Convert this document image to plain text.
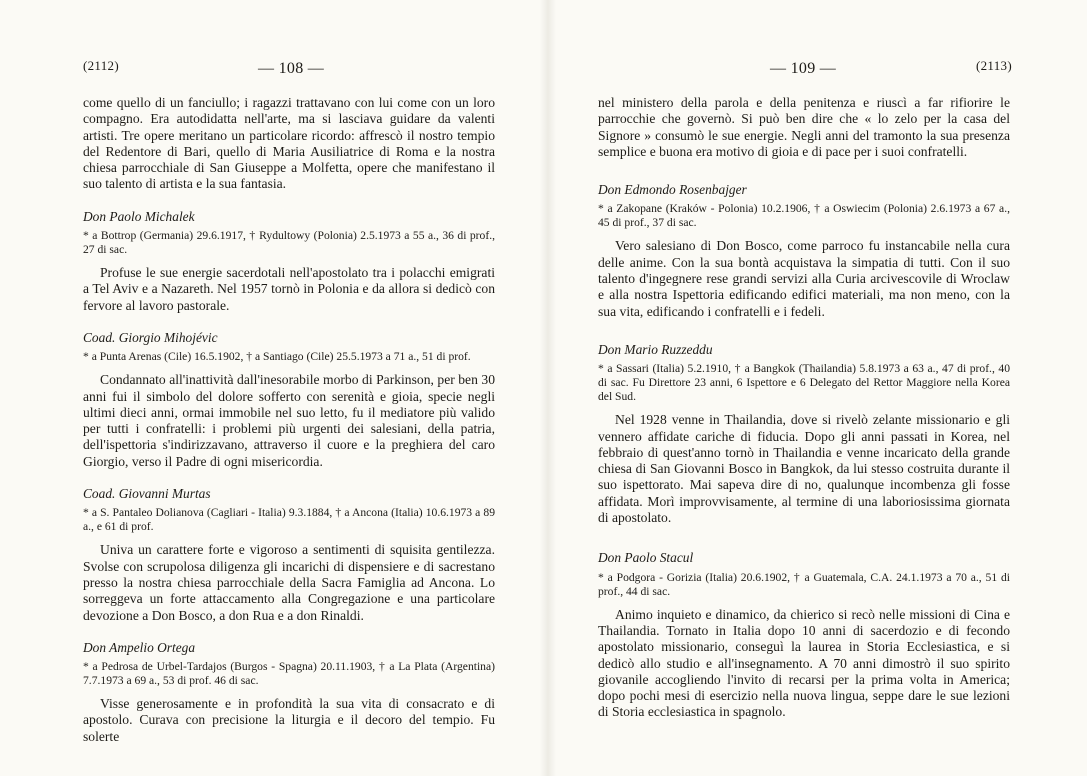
(2112)	— 108 —

come quello di un fanciullo; i ragazzi trattavano con lui come con un loro compagno. Era autodidatta nell'arte, ma si lasciava guidare da valenti artisti. Tre opere meritano un particolare ricordo: affrescò il nostro tempio del Redentore di Bari, quello di Maria Ausiliatrice di Roma e la nostra chiesa parrocchiale di San Giuseppe a Molfetta, opere che manifestano il suo talento di artista e la sua fantasia.

Don Paolo Michalek

* a Bottrop (Germania) 29.6.1917, † Rydultowy (Polonia) 2.5.1973 a 55 a., 36 di prof., 27 di sac.

Profuse le sue energie sacerdotali nell'apostolato tra i polacchi emigrati a Tel Aviv e a Nazareth. Nel 1957 tornò in Polonia e da allora si dedicò con fervore al lavoro pastorale.

Coad. Giorgio Mihojévic

* a Punta Arenas (Cile) 16.5.1902, † a Santiago (Cile) 25.5.1973 a 71 a., 51 di prof.

Condannato all'inattività dall'inesorabile morbo di Parkinson, per ben 30 anni fui il simbolo del dolore sofferto con serenità e gioia, specie negli ultimi dieci anni, ormai immobile nel suo letto, fu il mediatore più valido per tutti i confratelli: i problemi più urgenti dei salesiani, della patria, dell'ispettoria s'indirizzavano, attraverso il cuore e la preghiera del caro Giorgio, verso il Padre di ogni misericordia.

Coad. Giovanni Murtas

* a S. Pantaleo Dolianova (Cagliari - Italia) 9.3.1884, † a Ancona (Italia) 10.6.1973 a 89 a., e 61 di prof.

Univa un carattere forte e vigoroso a sentimenti di squisita gentilezza. Svolse con scrupolosa diligenza gli incarichi di dispensiere e di sacrestano presso la nostra chiesa parrocchiale della Sacra Famiglia ad Ancona. Lo sorreggeva un forte attaccamento alla Congregazione e una particolare devozione a Don Bosco, a don Rua e a don Rinaldi.

Don Ampelio Ortega

* a Pedrosa de Urbel-Tardajos (Burgos - Spagna) 20.11.1903, † a La Plata (Argentina) 7.7.1973 a 69 a., 53 di prof. 46 di sac.

Visse generosamente e in profondità la sua vita di consacrato e di apostolo. Curava con precisione la liturgia e il decoro del tempio. Fu solerte

— 109 —	(2113)

nel ministero della parola e della penitenza e riuscì a far rifiorire le parrocchie che governò. Si può ben dire che « lo zelo per la casa del Signore » consumò le sue energie. Negli anni del tramonto la sua presenza semplice e buona era motivo di gioia e di pace per i suoi confratelli.

Don Edmondo Rosenbajger

* a Zakopane (Kraków - Polonia) 10.2.1906, † a Oswiecim (Polonia) 2.6.1973 a 67 a., 45 di prof., 37 di sac.

Vero salesiano di Don Bosco, come parroco fu instancabile nella cura delle anime. Con la sua bontà acquistava la simpatia di tutti. Con il suo talento d'ingegnere rese grandi servizi alla Curia arcivescovile di Wroclaw e alla nostra Ispettoria edificando edifici materiali, ma non meno, con la sua vita, edificando i confratelli e i fedeli.

Don Mario Ruzzeddu

* a Sassari (Italia) 5.2.1910, † a Bangkok (Thailandia) 5.8.1973 a 63 a., 47 di prof., 40 di sac. Fu Direttore 23 anni, 6 Ispettore e 6 Delegato del Rettor Maggiore nella Korea del Sud.

Nel 1928 venne in Thailandia, dove si rivelò zelante missionario e gli vennero affidate cariche di fiducia. Dopo gli anni passati in Korea, nel febbraio di quest'anno tornò in Thailandia e venne incaricato della grande chiesa di San Giovanni Bosco in Bangkok, da lui stesso costruita durante il suo ispettorato. Mai sapeva dire di no, qualunque incombenza gli fosse affidata. Morì improvvisamente, al termine di una laboriosissima giornata di apostolato.

Don Paolo Stacul

* a Podgora - Gorizia (Italia) 20.6.1902, † a Guatemala, C.A. 24.1.1973 a 70 a., 51 di prof., 44 di sac.

Animo inquieto e dinamico, da chierico si recò nelle missioni di Cina e Thailandia. Tornato in Italia dopo 10 anni di sacerdozio e di fecondo apostolato missionario, conseguì la laurea in Storia Ecclesiastica, e si dedicò allo studio e all'insegnamento. A 70 anni dimostrò il suo spirito giovanile accogliendo l'invito di recarsi per la prima volta in America; dopo pochi mesi di esercizio nella nuova lingua, seppe dare le sue lezioni di Storia ecclesiastica in spagnolo.
